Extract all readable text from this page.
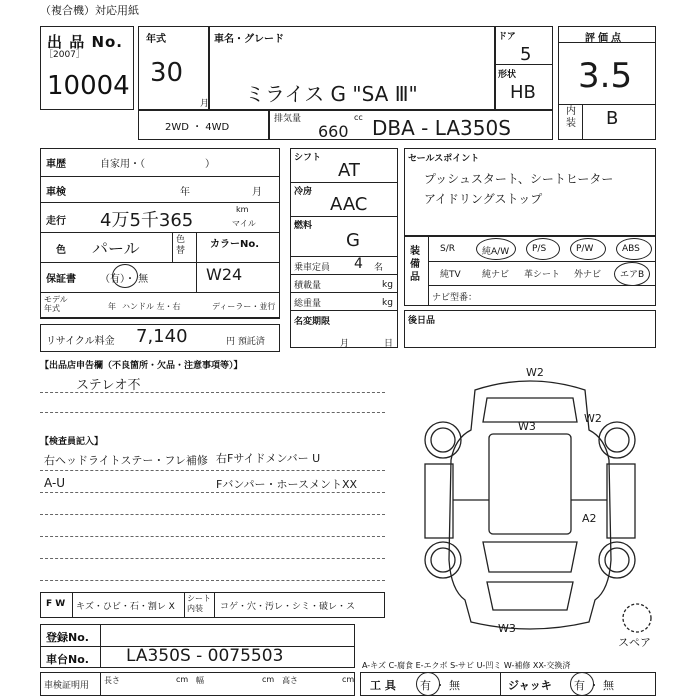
（複合機）対応用紙
出 品 No.
［2007］
10004
年式
30
月
車名・グレード
ミライス G "SA Ⅲ"
ドア
5
形状
HB
評価点
3.5
内装 B
2WD ・ 4WD
排気量	cc
660 DBA - LA350S
車歴	自家用・（　　　　　　）
車検	年	月
走行 4万5千365
km
マイル
色 パール	色替
カラーNo.
W24
保証書 （有）・ 無
モデル年式	年 ハンドル 左・右	ディーラー・並行
リサイクル料金 7,140	円 預託済
シフト
AT
冷房
AAC
燃料
G
乗車定員 4 名
積載量	kg
総重量	kg
名変期限
月	日
セールスポイント
プッシュスタート、シートヒーター
アイドリングストップ
装備品
S/R	純A/W	P/S	P/W	ABS
純TV 純ナビ 革シート 外ナビ エアB
ナビ型番：
後日品
【出品店申告欄（不良箇所・欠品・注意事項等）】
ステレオ不
【検査員記入】
右ヘッドライトステー・フレ補修 右Fサイドメンバー U
A-U	Fバンパー・ホースメントXX
W2
W3
W2
A2
W3
スペア
F W キズ・ひビ・石・割レ X
シート内装	コゲ・穴・汚レ・シミ・破レ・ス
登録No.
車台No. LA350S - 0075503	A-キズ C-腐食 E-エクボ S-サビ U-凹ミ W-補修 XX-交換済
車検証明用
長さ	cm 幅	cm 高さ	cm 工 具 有 ・ 無	ジャッキ 有 ・ 無
